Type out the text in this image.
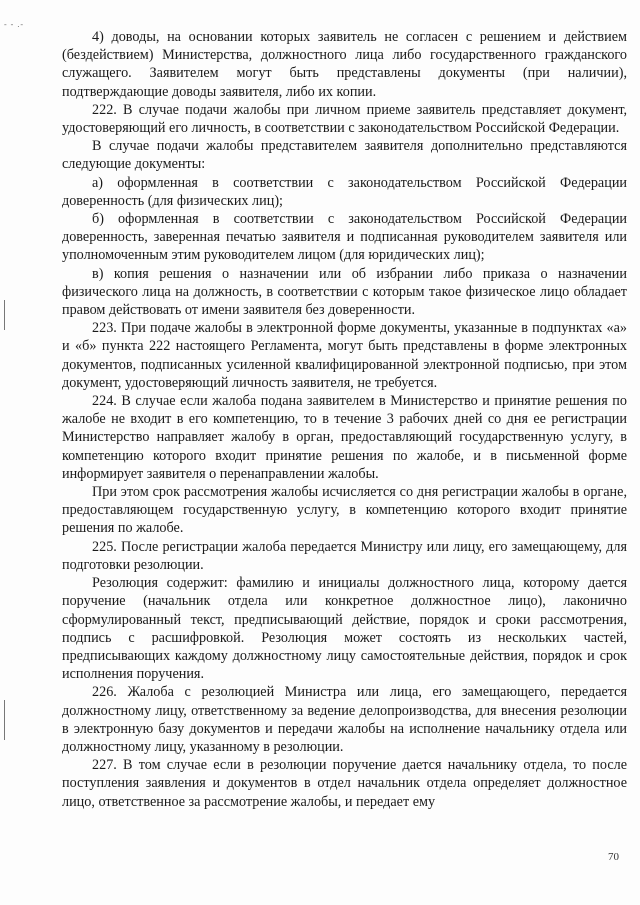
- - .-

4) доводы, на основании которых заявитель не согласен с решением и действием (бездействием) Министерства, должностного лица либо государственного гражданского служащего. Заявителем могут быть представлены документы (при наличии), подтверждающие доводы заявителя, либо их копии.

222. В случае подачи жалобы при личном приеме заявитель представляет документ, удостоверяющий его личность, в соответствии с законодательством Российской Федерации.

В случае подачи жалобы представителем заявителя дополнительно представляются следующие документы:

а) оформленная в соответствии с законодательством Российской Федерации доверенность (для физических лиц);

б) оформленная в соответствии с законодательством Российской Федерации доверенность, заверенная печатью заявителя и подписанная руководителем заявителя или уполномоченным этим руководителем лицом (для юридических лиц);

в) копия решения о назначении или об избрании либо приказа о назначении физического лица на должность, в соответствии с которым такое физическое лицо обладает правом действовать от имени заявителя без доверенности.

223. При подаче жалобы в электронной форме документы, указанные в подпунктах «а» и «б» пункта 222 настоящего Регламента, могут быть представлены в форме электронных документов, подписанных усиленной квалифицированной электронной подписью, при этом документ, удостоверяющий личность заявителя, не требуется.

224. В случае если жалоба подана заявителем в Министерство и принятие решения по жалобе не входит в его компетенцию, то в течение 3 рабочих дней со дня ее регистрации Министерство направляет жалобу в орган, предоставляющий государственную услугу, в компетенцию которого входит принятие решения по жалобе, и в письменной форме информирует заявителя о перенаправлении жалобы.

При этом срок рассмотрения жалобы исчисляется со дня регистрации жалобы в органе, предоставляющем государственную услугу, в компетенцию которого входит принятие решения по жалобе.

225. После регистрации жалоба передается Министру или лицу, его замещающему, для подготовки резолюции.

Резолюция содержит: фамилию и инициалы должностного лица, которому дается поручение (начальник отдела или конкретное должностное лицо), лаконично сформулированный текст, предписывающий действие, порядок и сроки рассмотрения, подпись с расшифровкой. Резолюция может состоять из нескольких частей, предписывающих каждому должностному лицу самостоятельные действия, порядок и срок исполнения поручения.

226. Жалоба с резолюцией Министра или лица, его замещающего, передается должностному лицу, ответственному за ведение делопроизводства, для внесения резолюции в электронную базу документов и передачи жалобы на исполнение начальнику отдела или должностному лицу, указанному в резолюции.

227. В том случае если в резолюции поручение дается начальнику отдела, то после поступления заявления и документов в отдел начальник отдела определяет должностное лицо, ответственное за рассмотрение жалобы, и передает ему

70
